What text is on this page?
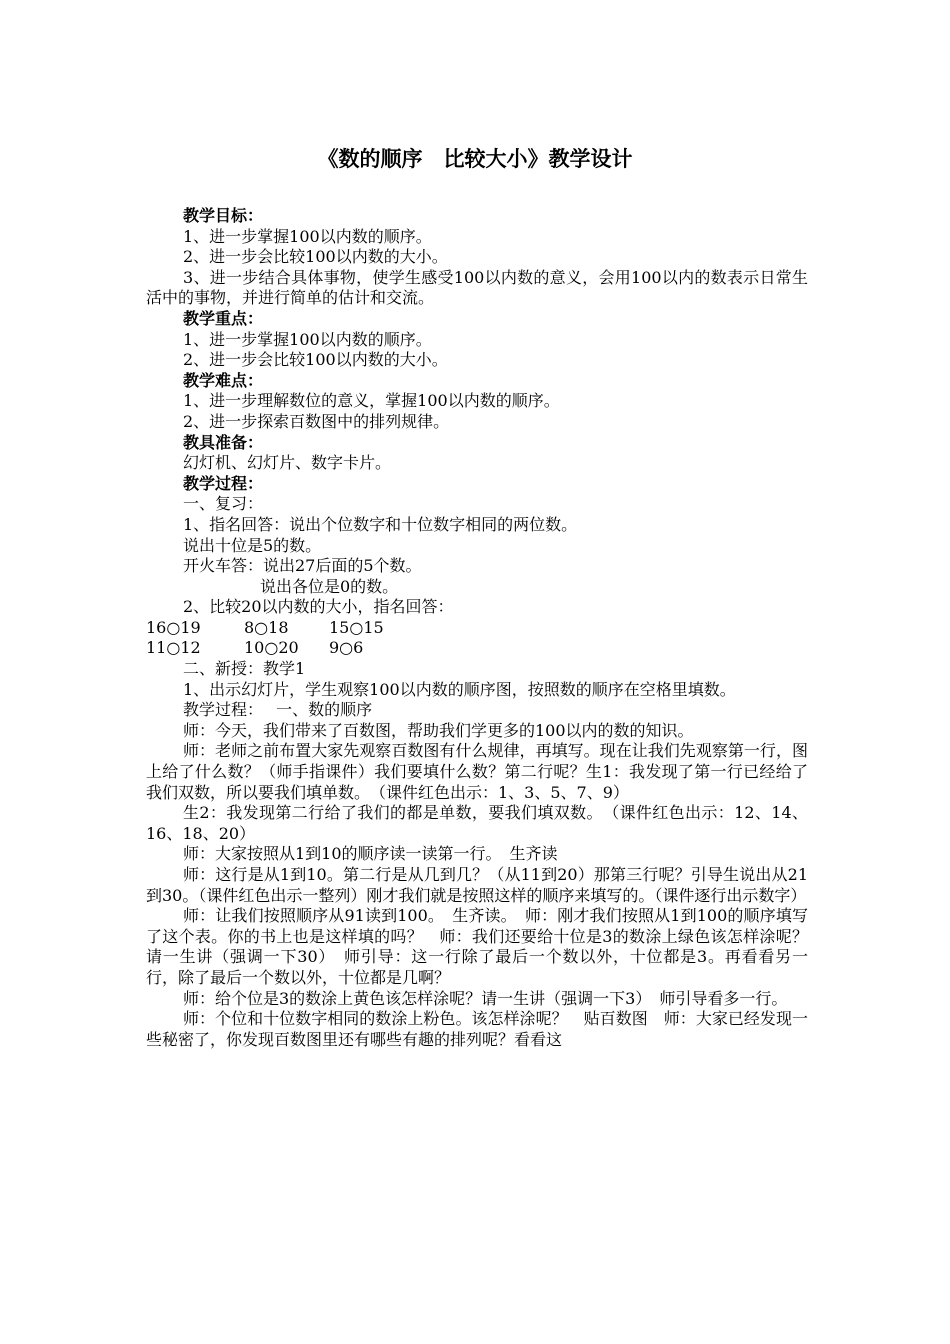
《数的顺序　比较大小》教学设计

教学目标：

1、进一步掌握100以内数的顺序。

2、进一步会比较100以内数的大小。

3、进一步结合具体事物，使学生感受100以内数的意义，会用100以内的数表示日常生活中的事物，并进行简单的估计和交流。

教学重点：

1、进一步掌握100以内数的顺序。

2、进一步会比较100以内数的大小。

教学难点：

1、进一步理解数位的意义，掌握100以内数的顺序。

2、进一步探索百数图中的排列规律。

教具准备：

幻灯机、幻灯片、数字卡片。

教学过程：

一、复习：

1、指名回答：说出个位数字和十位数字相同的两位数。

说出十位是5的数。

开火车答：说出27后面的5个数。

说出各位是0的数。

2、比较20以内数的大小，指名回答：

16○19	8○18	15○15

11○12	10○20 9○6

二、新授：教学1

1、出示幻灯片，学生观察100以内数的顺序图，按照数的顺序在空格里填数。

教学过程：　 一、数的顺序

师：今天，我们带来了百数图，帮助我们学更多的100以内的数的知识。

师：老师之前布置大家先观察百数图有什么规律，再填写。现在让我们先观察第一行，图上给了什么数？（师手指课件）我们要填什么数？第二行呢？生1：我发现了第一行已经给了我们双数，所以要我们填单数。　（课件红色出示：1、3、5、7、9）

生2：我发现第二行给了我们的都是单数，要我们填双数。　（课件红色出示：12、14、16、18、20）

师：大家按照从1到10的顺序读一读第一行。　生齐读

师：这行是从1到10。第二行是从几到几？（从11到20）那第三行呢？引导生说出从21到30。（课件红色出示一整列）刚才我们就是按照这样的顺序来填写的。（课件逐行出示数字）

师：让我们按照顺序从91读到100。　生齐读。　师：刚才我们按照从1到100的顺序填写了这个表。你的书上也是这样填的吗？　师：我们还要给十位是3的数涂上绿色该怎样涂呢？请一生讲（强调一下30）　师引导：这一行除了最后一个数以外，十位都是3。再看看另一行，除了最后一个数以外，十位都是几啊？

师：给个位是3的数涂上黄色该怎样涂呢？请一生讲（强调一下3）　师引导看多一行。

师：个位和十位数字相同的数涂上粉色。该怎样涂呢？　贴百数图　师：大家已经发现一些秘密了，你发现百数图里还有哪些有趣的排列呢？看看这
